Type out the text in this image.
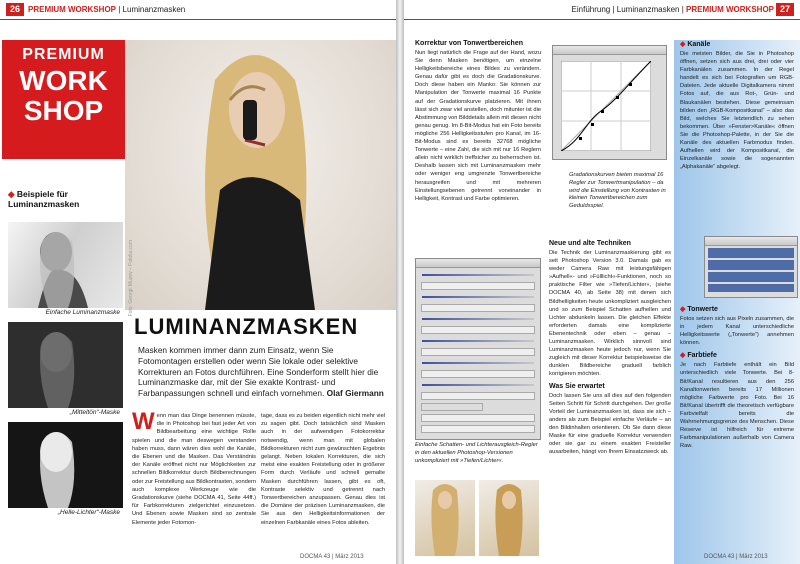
26	PREMIUM WORKSHOP | Luminanzmasken
PREMIUM
WORK
SHOP
◆ Beispiele für Luminanzmasken
Einfache Luminanzmaske
„Mitteltön“-Maske
„Helle-Lichter“-Maske
Foto: Georgii Muzev – Fotolia.com
LUMINANZMASKEN
Masken kommen immer dann zum Einsatz, wenn Sie Fotomontagen erstellen oder wenn Sie lokale oder selektive Korrekturen an Fotos durchführen. Eine Sonderform stellt hier die Luminanzmaske dar, mit der Sie exakte Kontrast- und Farbanpassungen schnell und einfach vornehmen. Olaf Giermann
Wenn man das Dinge benennen müsste, die in Photoshop bei fast jeder Art von Bildbearbeitung eine wichtige Rolle spielen und die man deswegen verstanden haben muss, dann wären dies wohl die Kanäle, die Ebenen und die Masken. Das Verständnis der Kanäle eröffnet nicht nur Möglichkeiten zur schnellen Bildkorrektur durch Bildberechnungen oder zur Freistellung aus Bildkontrasten, sondern auch komplexe Werkzeuge wie die Gradationskurve (siehe DOCMA 41, Seite 44ff.) für Farbkorrekturen zielgerichtet einzusetzen. Und Ebenen sowie Masken sind so zentrale Elemente jeder Fotomon-
tage, dass es zu beiden eigentlich nicht mehr viel zu sagen gibt. Doch tatsächlich sind Masken auch in der aufwendigen Fotokorrektur notwendig, wenn man mit globalen Bildkorrekturen nicht zum gewünschten Ergebnis gelangt. Neben lokalen Korrekturen, die sich meist eine exakten Freistellung oder in größerer Form durch Verläufe und schnell gemalte Masken durchführen lassen, gibt es oft, Kontraste selektiv und getrennt nach Tonwertbereichen anzupassen. Genau dies ist die Domäne der präzisen Luminanzmasken, die Sie aus den Helligkeitsinformationen der einzelnen Farbkanäle eines Fotos ableiten.
DOCMA 43 | März 2013
Einführung | Luminanzmasken | PREMIUM WORKSHOP 27
Korrektur von Tonwertbereichen
Nun liegt natürlich die Frage auf der Hand, wozu Sie denn Masken benötigen, um einzelne Helligkeitsbereiche eines Bildes zu verändern. Genau dafür gibt es doch die Gradationskurve. Doch diese haben ein Manko: Sie können zur Manipulation der Tonwerte maximal 16 Punkte auf der Gradationskurve platzieren. Mit ihnen lässt sich zwar viel anstellen, doch mitunter ist die Abstimmung von Bilddetails allein mit diesen nicht genau genug. Im 8-Bit-Modus hat ein Foto bereits mögliche 256 Helligkeitsstufen pro Kanal, im 16-Bit-Modus sind es bereits 32768 mögliche Tonwerte – eine Zahl, die sich mit nur 16 Reglern allein nicht wirklich treffsicher zu beherrschen ist. Deshalb lassen sich mit Luminanzmasken mehr oder weniger eng umgrenzte Tonwertbereiche herausgreifen und mit mehreren Einstellungsebenen getrennt voneinander in Helligkeit, Kontrast und Farbe optimieren.
Gradationskurven bieten maximal 16 Regler zur Tonwertmanipulation – da wird die Einstellung von Kontrasten in kleinen Tonwertbereichen zum Geduldsspiel.
Einfache Schatten- und Lichterausgleich-Regler in den aktuellen Photoshop-Versionen unkompliziert mit »Tiefen/Lichter«.
Neue und alte Techniken
Die Technik der Luminanzmaskierung gibt es seit Photoshop Version 3.0. Damals gab es weder Camera Raw mit leistungsfähigen »Aufhell«- und »Fülllicht«-Funktionen, noch so praktische Filter wie »Tiefen/Lichter«, (siehe DOCMA 40, ab Seite 38) mit denen sich Bildhelligkeiten heute unkompliziert ausgleichen und so zum Beispiel Schatten aufhellen und Lichter abdunkeln lassen. Die gleichen Effekte erforderten damals eine komplizierte Ebenentechnik oder eben – genau – Luminanzmasken. Wirklich sinnvoll sind Luminanzmasken heute jedoch nur, wenn Sie zugleich mit dieser Korrektur beispielsweise die dunklen Bildbereiche graduell farblich korrigieren möchten.
Was Sie erwartet
Doch lassen Sie uns all dies auf den folgenden Seiten Schritt für Schritt durchgehen. Der große Vorteil der Luminanzmasken ist, dass sie sich – anders als zum Beispiel einfache Verläufe – an den Bildinhalten orientieren. Ob Sie dann diese Maske für eine graduelle Korrektur verwenden oder sie gar zu einem exakten Freisteller ausarbeiten, hängt von Ihrem Einsatzzweck ab.
◆ Kanäle
Die meisten Bilder, die Sie in Photoshop öffnen, setzen sich aus drei, drei oder vier Farbkanälen zusammen. In der Regel handelt es sich bei Fotografien um RGB-Dateien. Jede aktuelle Digitalkamera nimmt Fotos auf, die aus Rot-, Grün- und Blaukanälen bestehen. Diese gemeinsam bilden den „RGB-Kompositkanal“ – also das Bild, welches Sie letztendlich zu sehen bekommen. Über »Fenster>Kanäle« öffnen Sie die Photoshop-Palette, in der Sie die Kanäle des aktuellen Farbmodus finden. Aufhellen wird der Kompositkanal, die Einzelkanäle sowie die sogenannten „Alphakanäle“ abgelegt.
◆ Tonwerte
Fotos setzen sich aus Pixeln zusammen, die in jedem Kanal unterschiedliche Helligkeitswerte („Tonwerte“) annehmen können.
◆ Farbtiefe
Je nach Farbtiefe enthält ein Bild unterschiedlich viele Tonwerte. Bei 8-Bit/Kanal resultieren aus den 256 Kanaltonwerten bereits 17 Millionen mögliche Farbwerte pro Foto. Bei 16 Bit/Kanal übertrifft die theoretisch verfügbare Farbvielfalt bereits die Wahrnehmungsgrenze des Menschen. Diese Reserve ist hilfreich für extreme Farbmanipulationen außerhalb von Camera Raw.
DOCMA 43 | März 2013
